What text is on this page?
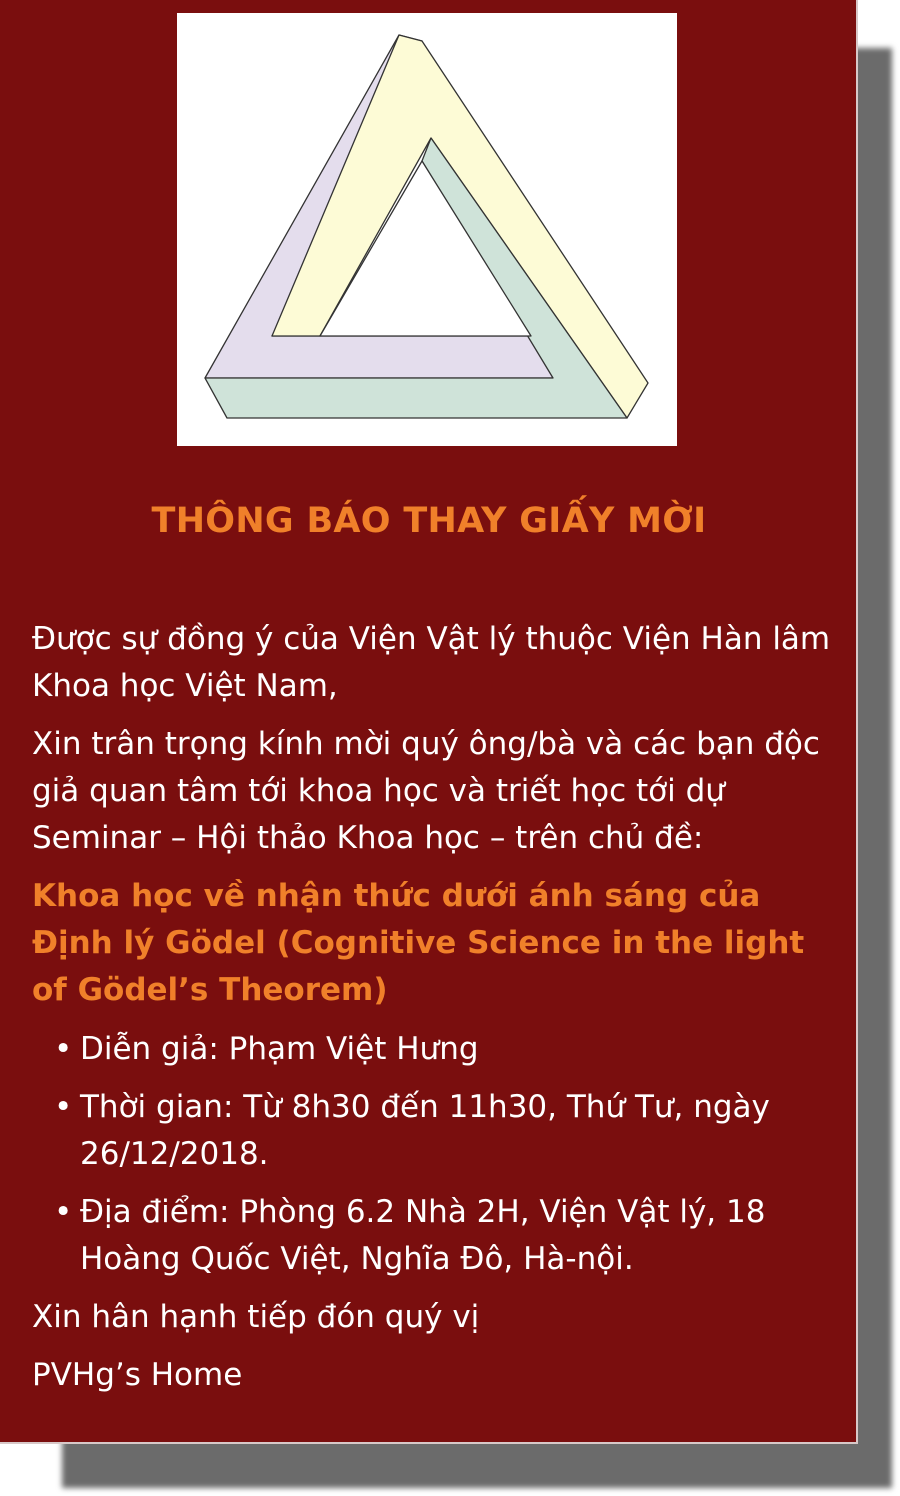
THÔNG BÁO THAY GIẤY MỜI

Được sự đồng ý của Viện Vật lý thuộc Viện Hàn lâm Khoa học Việt Nam,

Xin trân trọng kính mời quý ông/bà và các bạn độc giả quan tâm tới khoa học và triết học tới dự Seminar – Hội thảo Khoa học – trên chủ đề:

Khoa học về nhận thức dưới ánh sáng của Định lý Gödel (Cognitive Science in the light of Gödel’s Theorem)

• Diễn giả: Phạm Việt Hưng
• Thời gian: Từ 8h30 đến 11h30, Thứ Tư, ngày 26/12/2018.
• Địa điểm: Phòng 6.2 Nhà 2H, Viện Vật lý, 18 Hoàng Quốc Việt, Nghĩa Đô, Hà-nội.

Xin hân hạnh tiếp đón quý vị

PVHg’s Home
